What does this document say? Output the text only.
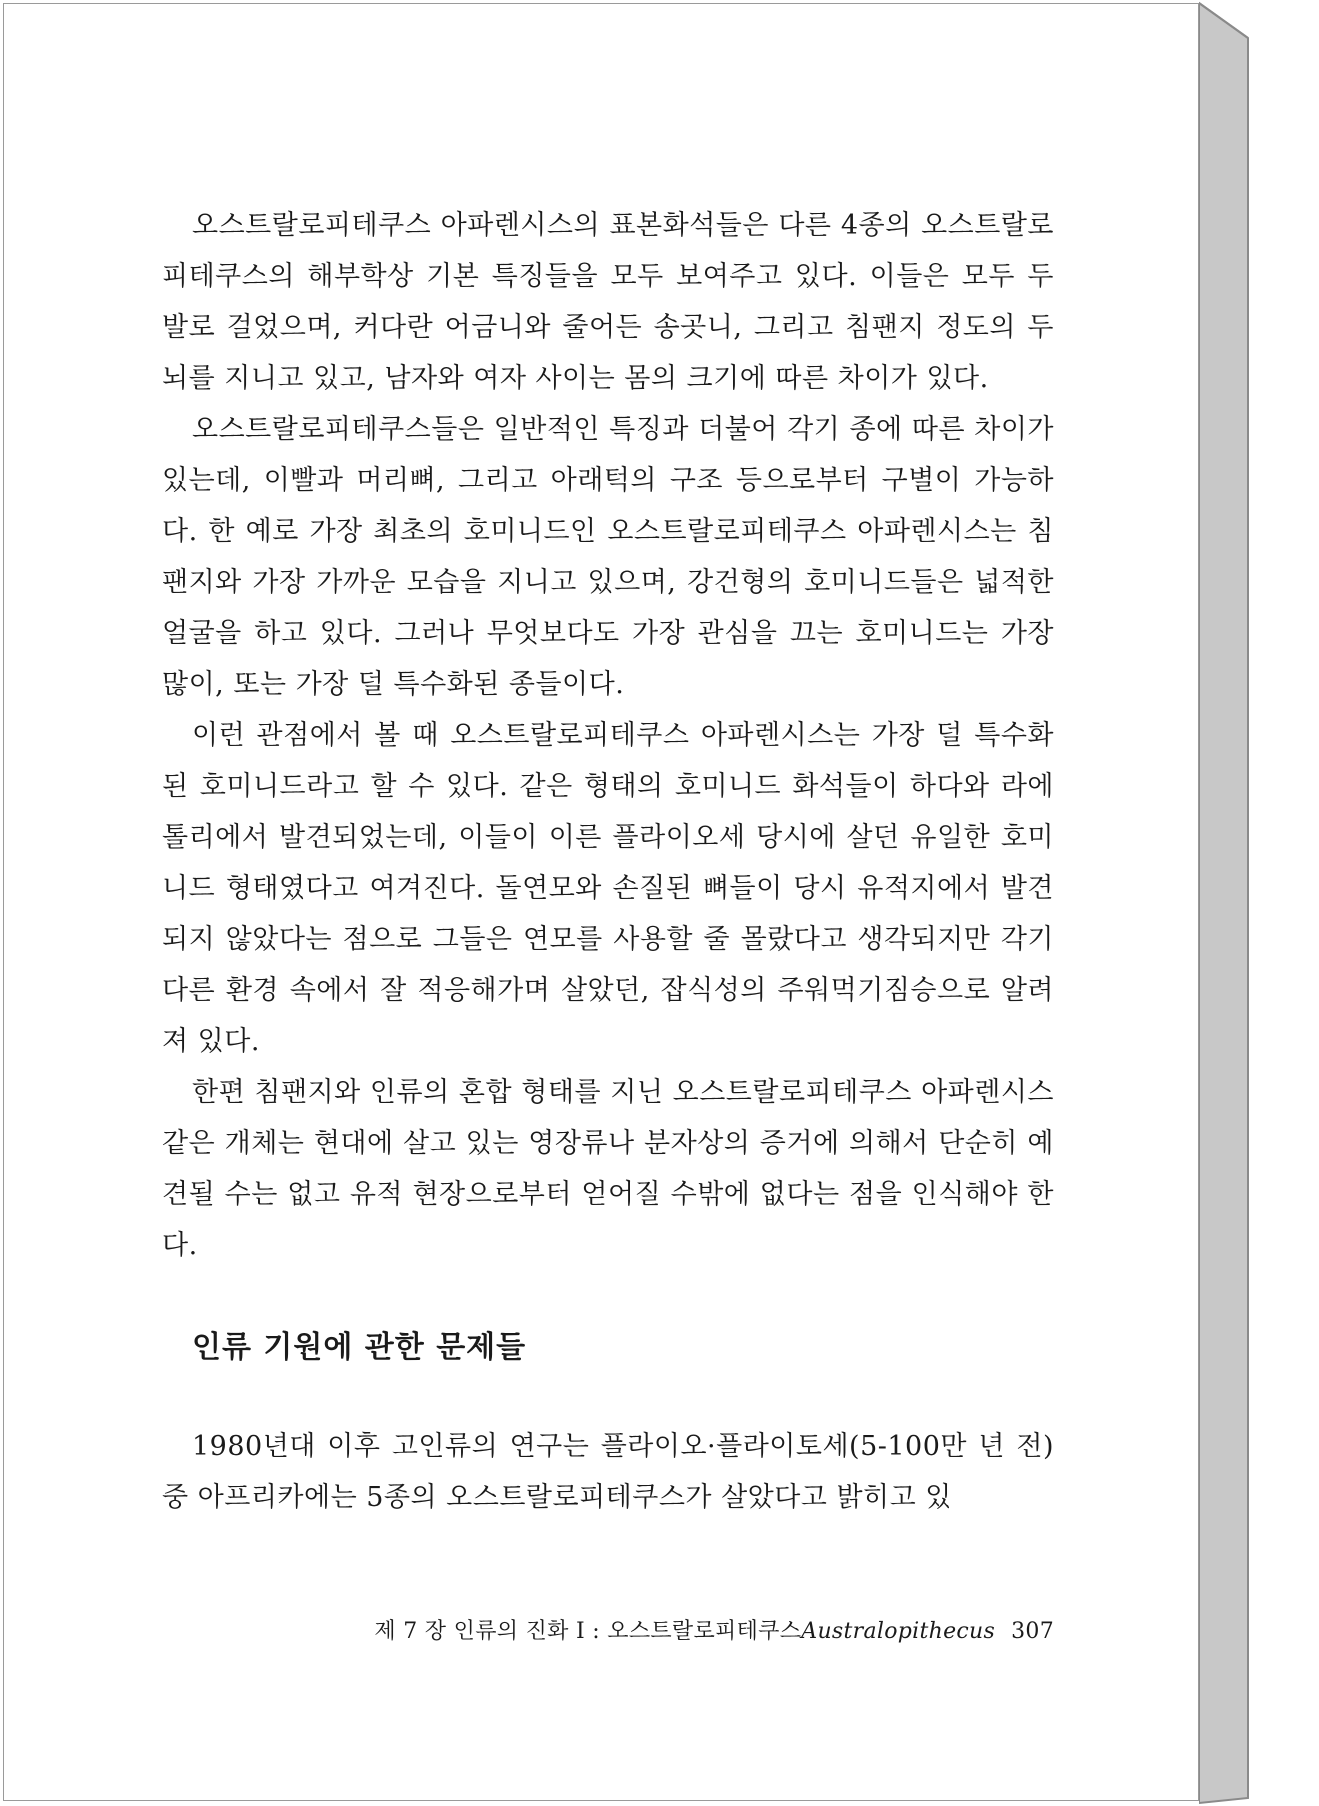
오스트랄로피테쿠스 아파렌시스의 표본화석들은 다른 4종의 오스트랄로피테쿠스의 해부학상 기본 특징들을 모두 보여주고 있다. 이들은 모두 두 발로 걸었으며, 커다란 어금니와 줄어든 송곳니, 그리고 침팬지 정도의 두뇌를 지니고 있고, 남자와 여자 사이는 몸의 크기에 따른 차이가 있다.

오스트랄로피테쿠스들은 일반적인 특징과 더불어 각기 종에 따른 차이가 있는데, 이빨과 머리뼈, 그리고 아래턱의 구조 등으로부터 구별이 가능하다. 한 예로 가장 최초의 호미니드인 오스트랄로피테쿠스 아파렌시스는 침팬지와 가장 가까운 모습을 지니고 있으며, 강건형의 호미니드들은 넓적한 얼굴을 하고 있다. 그러나 무엇보다도 가장 관심을 끄는 호미니드는 가장 많이, 또는 가장 덜 특수화된 종들이다.

이런 관점에서 볼 때 오스트랄로피테쿠스 아파렌시스는 가장 덜 특수화된 호미니드라고 할 수 있다. 같은 형태의 호미니드 화석들이 하다와 라에톨리에서 발견되었는데, 이들이 이른 플라이오세 당시에 살던 유일한 호미니드 형태였다고 여겨진다. 돌연모와 손질된 뼈들이 당시 유적지에서 발견되지 않았다는 점으로 그들은 연모를 사용할 줄 몰랐다고 생각되지만 각기 다른 환경 속에서 잘 적응해가며 살았던, 잡식성의 주워먹기짐승으로 알려져 있다.

한편 침팬지와 인류의 혼합 형태를 지닌 오스트랄로피테쿠스 아파렌시스 같은 개체는 현대에 살고 있는 영장류나 분자상의 증거에 의해서 단순히 예견될 수는 없고 유적 현장으로부터 얻어질 수밖에 없다는 점을 인식해야 한다.

인류 기원에 관한 문제들

1980년대 이후 고인류의 연구는 플라이오·플라이토세(5-100만 년 전)중 아프리카에는 5종의 오스트랄로피테쿠스가 살았다고 밝히고 있

제 7 장 인류의 진화 Ⅰ : 오스트랄로피테쿠스Australopithecus 307
